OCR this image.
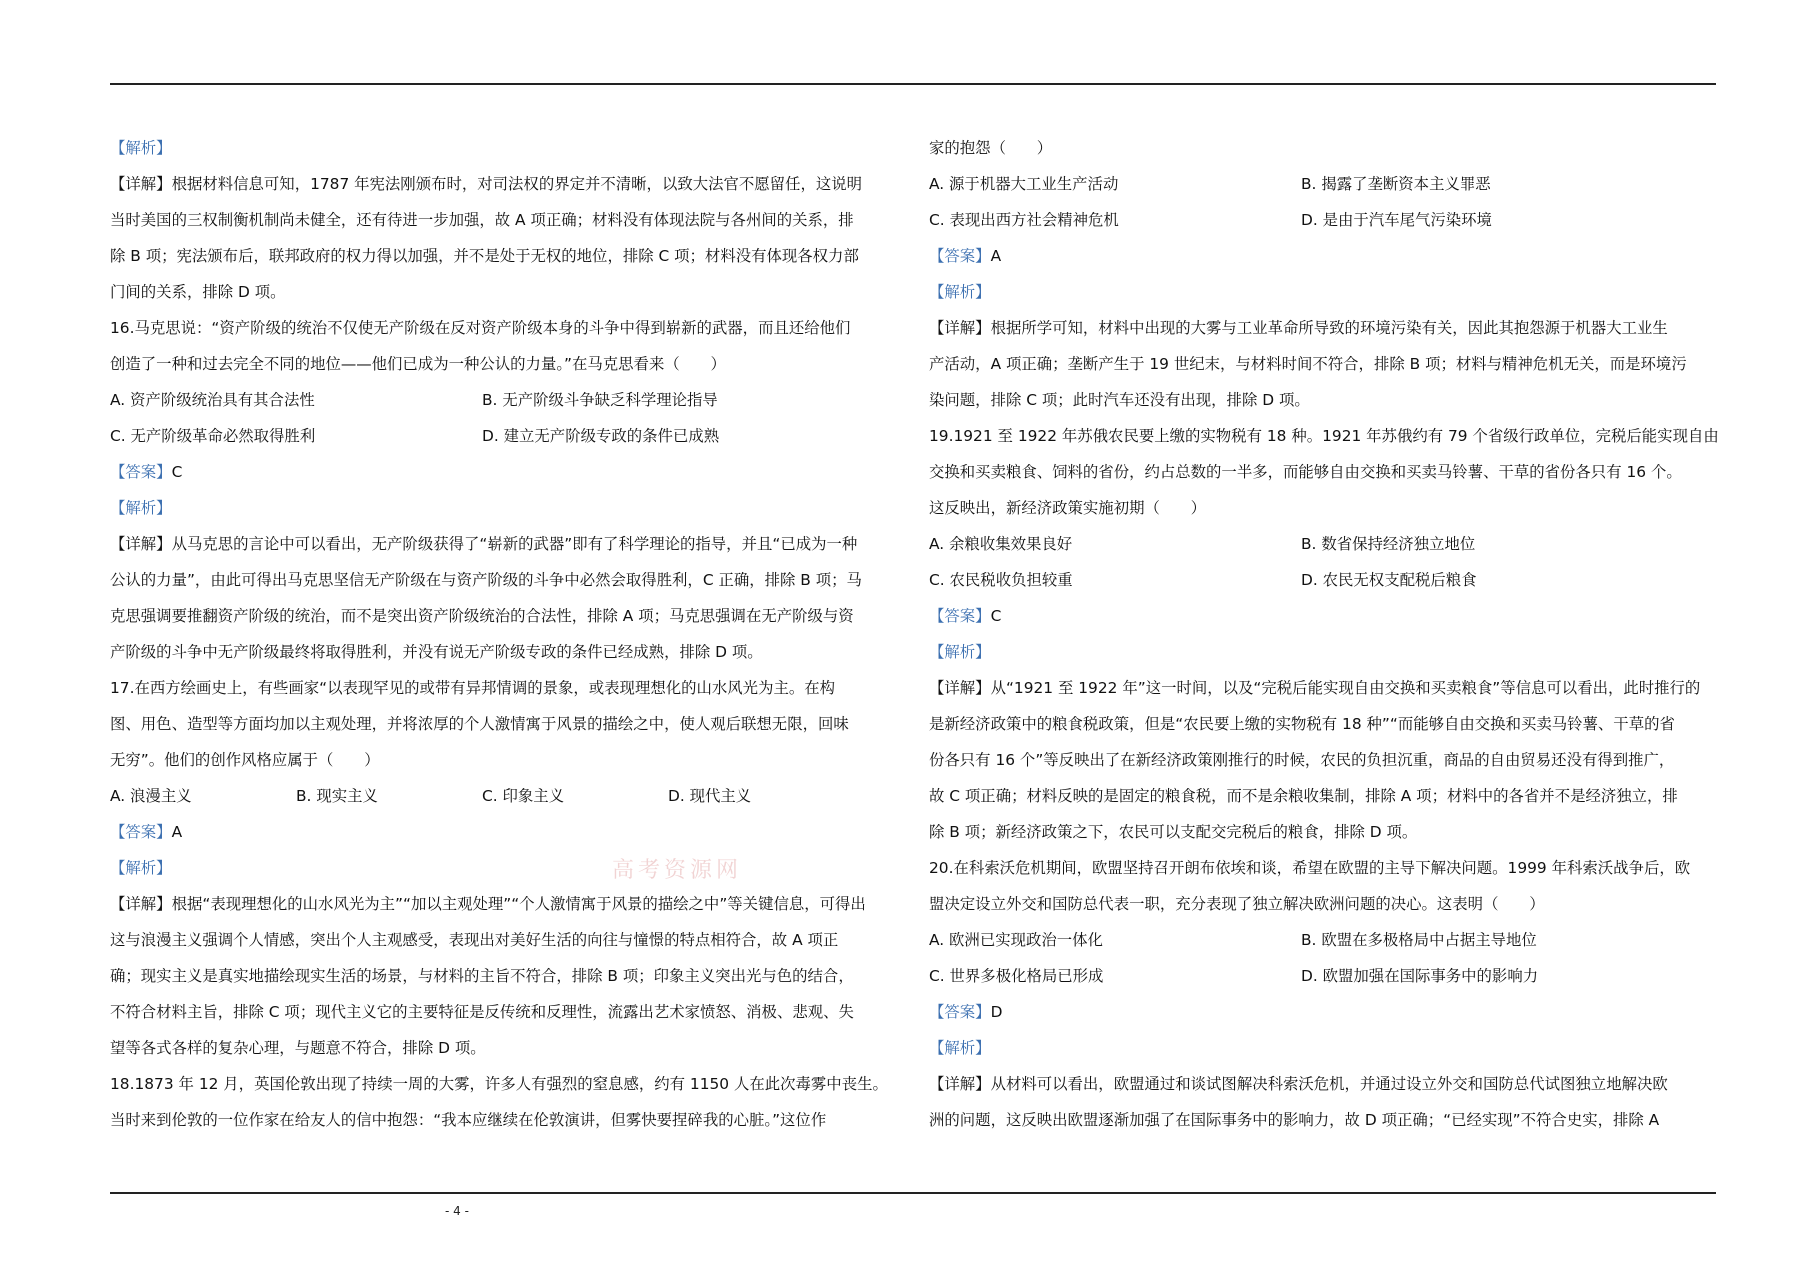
【解析】
【详解】根据材料信息可知，1787 年宪法刚颁布时，对司法权的界定并不清晰，以致大法官不愿留任，这说明
当时美国的三权制衡机制尚未健全，还有待进一步加强，故 A 项正确；材料没有体现法院与各州间的关系，排
除 B 项；宪法颁布后，联邦政府的权力得以加强，并不是处于无权的地位，排除 C 项；材料没有体现各权力部
门间的关系，排除 D 项。
16.马克思说：“资产阶级的统治不仅使无产阶级在反对资产阶级本身的斗争中得到崭新的武器，而且还给他们
创造了一种和过去完全不同的地位——他们已成为一种公认的力量。”在马克思看来（　　）
A. 资产阶级统治具有其合法性	B. 无产阶级斗争缺乏科学理论指导
C. 无产阶级革命必然取得胜利	D. 建立无产阶级专政的条件已成熟
【答案】C
【解析】
【详解】从马克思的言论中可以看出，无产阶级获得了“崭新的武器”即有了科学理论的指导，并且“已成为一种
公认的力量”，由此可得出马克思坚信无产阶级在与资产阶级的斗争中必然会取得胜利，C 正确，排除 B 项；马
克思强调要推翻资产阶级的统治，而不是突出资产阶级统治的合法性，排除 A 项；马克思强调在无产阶级与资
产阶级的斗争中无产阶级最终将取得胜利，并没有说无产阶级专政的条件已经成熟，排除 D 项。
17.在西方绘画史上，有些画家“以表现罕见的或带有异邦情调的景象，或表现理想化的山水风光为主。在构
图、用色、造型等方面均加以主观处理，并将浓厚的个人激情寓于风景的描绘之中，使人观后联想无限，回味
无穷”。他们的创作风格应属于（　　）
A. 浪漫主义	B. 现实主义	C. 印象主义	D. 现代主义
【答案】A
【解析】
【详解】根据“表现理想化的山水风光为主”“加以主观处理”“个人激情寓于风景的描绘之中”等关键信息，可得出
这与浪漫主义强调个人情感，突出个人主观感受，表现出对美好生活的向往与憧憬的特点相符合，故 A 项正
确；现实主义是真实地描绘现实生活的场景，与材料的主旨不符合，排除 B 项；印象主义突出光与色的结合，
不符合材料主旨，排除 C 项；现代主义它的主要特征是反传统和反理性，流露出艺术家愤怒、消极、悲观、失
望等各式各样的复杂心理，与题意不符合，排除 D 项。
18.1873 年 12 月，英国伦敦出现了持续一周的大雾，许多人有强烈的窒息感，约有 1150 人在此次毒雾中丧生。
当时来到伦敦的一位作家在给友人的信中抱怨：“我本应继续在伦敦演讲，但雾快要捏碎我的心脏。”这位作
家的抱怨（　　）
A. 源于机器大工业生产活动	B. 揭露了垄断资本主义罪恶
C. 表现出西方社会精神危机	D. 是由于汽车尾气污染环境
【答案】A
【解析】
【详解】根据所学可知，材料中出现的大雾与工业革命所导致的环境污染有关，因此其抱怨源于机器大工业生
产活动，A 项正确；垄断产生于 19 世纪末，与材料时间不符合，排除 B 项；材料与精神危机无关，而是环境污
染问题，排除 C 项；此时汽车还没有出现，排除 D 项。
19.1921 至 1922 年苏俄农民要上缴的实物税有 18 种。1921 年苏俄约有 79 个省级行政单位，完税后能实现自由
交换和买卖粮食、饲料的省份，约占总数的一半多，而能够自由交换和买卖马铃薯、干草的省份各只有 16 个。
这反映出，新经济政策实施初期（　　）
A. 余粮收集效果良好	B. 数省保持经济独立地位
C. 农民税收负担较重	D. 农民无权支配税后粮食
【答案】C
【解析】
【详解】从“1921 至 1922 年”这一时间，以及“完税后能实现自由交换和买卖粮食”等信息可以看出，此时推行的
是新经济政策中的粮食税政策，但是“农民要上缴的实物税有 18 种”“而能够自由交换和买卖马铃薯、干草的省
份各只有 16 个”等反映出了在新经济政策刚推行的时候，农民的负担沉重，商品的自由贸易还没有得到推广，
故 C 项正确；材料反映的是固定的粮食税，而不是余粮收集制，排除 A 项；材料中的各省并不是经济独立，排
除 B 项；新经济政策之下，农民可以支配交完税后的粮食，排除 D 项。
20.在科索沃危机期间，欧盟坚持召开朗布依埃和谈，希望在欧盟的主导下解决问题。1999 年科索沃战争后，欧
盟决定设立外交和国防总代表一职，充分表现了独立解决欧洲问题的决心。这表明（　　）
A. 欧洲已实现政治一体化	B. 欧盟在多极格局中占据主导地位
C. 世界多极化格局已形成	D. 欧盟加强在国际事务中的影响力
【答案】D
【解析】
【详解】从材料可以看出，欧盟通过和谈试图解决科索沃危机，并通过设立外交和国防总代试图独立地解决欧
洲的问题，这反映出欧盟逐渐加强了在国际事务中的影响力，故 D 项正确；“已经实现”不符合史实，排除 A
高考资源网
- 4 -
